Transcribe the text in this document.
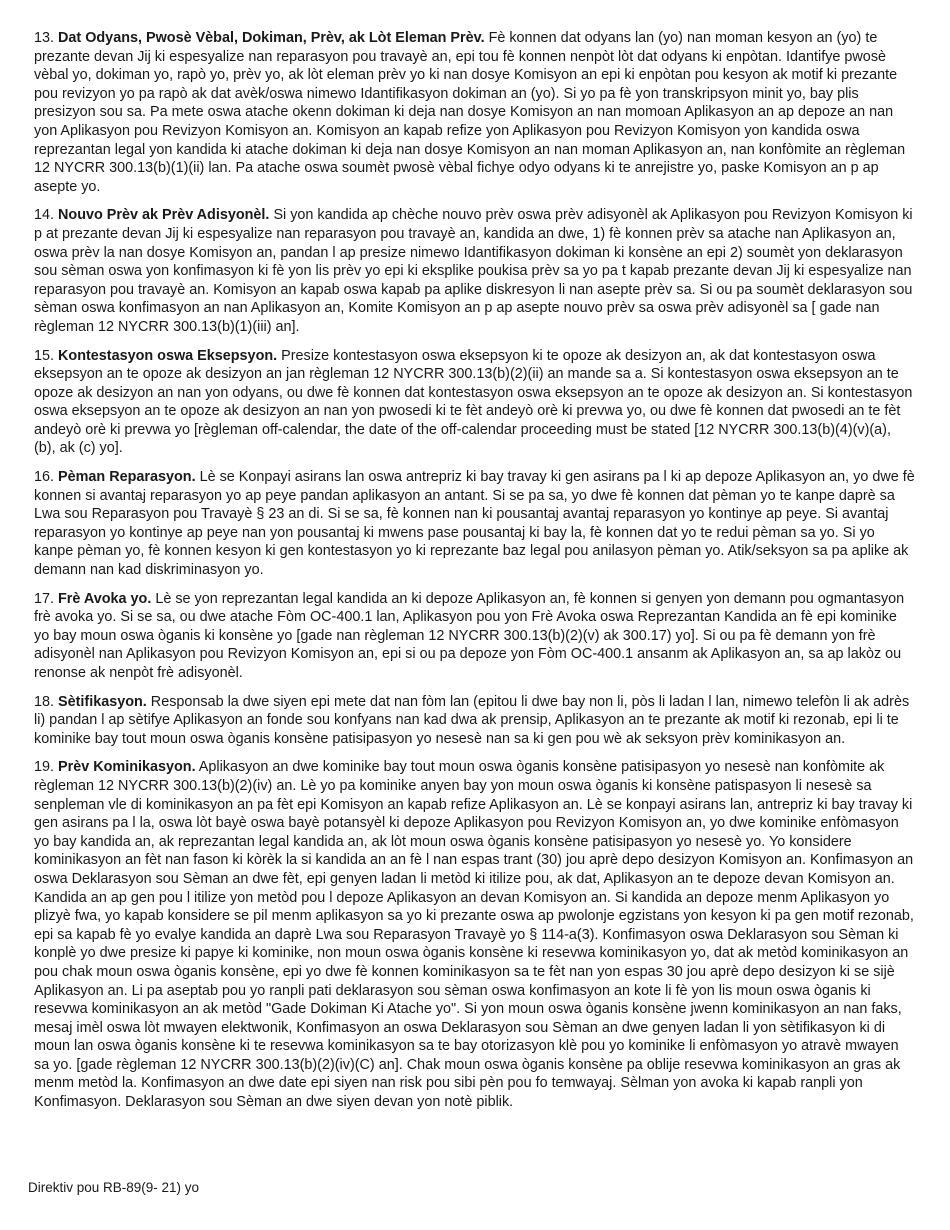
13. Dat Odyans, Pwosè Vèbal, Dokiman, Prèv, ak Lòt Eleman Prèv. Fè konnen dat odyans lan (yo) nan moman kesyon an (yo) te prezante devan Jij ki espesyalize nan reparasyon pou travayè an, epi tou fè konnen nenpòt lòt dat odyans ki enpòtan. Idantifye pwosè vèbal yo, dokiman yo, rapò yo, prèv yo, ak lòt eleman prèv yo ki nan dosye Komisyon an epi ki enpòtan pou kesyon ak motif ki prezante pou revizyon yo pa rapò ak dat avèk/oswa nimewo Idantifikasyon dokiman an (yo). Si yo pa fè yon transkripsyon minit yo, bay plis presizyon sou sa. Pa mete oswa atache okenn dokiman ki deja nan dosye Komisyon an nan momoan Aplikasyon an ap depoze an nan yon Aplikasyon pou Revizyon Komisyon an. Komisyon an kapab refize yon Aplikasyon pou Revizyon Komisyon yon kandida oswa reprezantan legal yon kandida ki atache dokiman ki deja nan dosye Komisyon an nan moman Aplikasyon an, nan konfòmite an règleman 12 NYCRR 300.13(b)(1)(ii) lan. Pa atache oswa soumèt pwosè vèbal fichye odyo odyans ki te anrejistre yo, paske Komisyon an p ap asepte yo.

14. Nouvo Prèv ak Prèv Adisyonèl. Si yon kandida ap chèche nouvo prèv oswa prèv adisyonèl ak Aplikasyon pou Revizyon Komisyon ki p at prezante devan Jij ki espesyalize nan reparasyon pou travayè an, kandida an dwe, 1) fè konnen prèv sa atache nan Aplikasyon an, oswa prèv la nan dosye Komisyon an, pandan l ap presize nimewo Idantifikasyon dokiman ki konsène an epi 2) soumèt yon deklarasyon sou sèman oswa yon konfimasyon ki fè yon lis prèv yo epi ki eksplike poukisa prèv sa yo pa t kapab prezante devan Jij ki espesyalize nan reparasyon pou travayè an. Komisyon an kapab oswa kapab pa aplike diskresyon li nan asepte prèv sa. Si ou pa soumèt deklarasyon sou sèman oswa konfimasyon an nan Aplikasyon an, Komite Komisyon an p ap asepte nouvo prèv sa oswa prèv adisyonèl sa [ gade nan règleman 12 NYCRR 300.13(b)(1)(iii) an].

15. Kontestasyon oswa Eksepsyon. Presize kontestasyon oswa eksepsyon ki te opoze ak desizyon an, ak dat kontestasyon oswa eksepsyon an te opoze ak desizyon an jan règleman 12 NYCRR 300.13(b)(2)(ii) an mande sa a. Si kontestasyon oswa eksepsyon an te opoze ak desizyon an nan yon odyans, ou dwe fè konnen dat kontestasyon oswa eksepsyon an te opoze ak desizyon an. Si kontestasyon oswa eksepsyon an te opoze ak desizyon an nan yon pwosedi ki te fèt andeyò orè ki prevwa yo, ou dwe fè konnen dat pwosedi an te fèt andeyò orè ki prevwa yo [règleman off-calendar, the date of the off-calendar proceeding must be stated [12 NYCRR 300.13(b)(4)(v)(a), (b), ak (c) yo].

16. Pèman Reparasyon. Lè se Konpayi asirans lan oswa antrepriz ki bay travay ki gen asirans pa l ki ap depoze Aplikasyon an, yo dwe fè konnen si avantaj reparasyon yo ap peye pandan aplikasyon an antant. Si se pa sa, yo dwe fè konnen dat pèman yo te kanpe daprè sa Lwa sou Reparasyon pou Travayè § 23 an di. Si se sa, fè konnen nan ki pousantaj avantaj reparasyon yo kontinye ap peye. Si avantaj reparasyon yo kontinye ap peye nan yon pousantaj ki mwens pase pousantaj ki bay la, fè konnen dat yo te redui pèman sa yo. Si yo kanpe pèman yo, fè konnen kesyon ki gen kontestasyon yo ki reprezante baz legal pou anilasyon pèman yo. Atik/seksyon sa pa aplike ak demann nan kad diskriminasyon yo.

17. Frè Avoka yo. Lè se yon reprezantan legal kandida an ki depoze Aplikasyon an, fè konnen si genyen yon demann pou ogmantasyon frè avoka yo. Si se sa, ou dwe atache Fòm OC-400.1 lan, Aplikasyon pou yon Frè Avoka oswa Reprezantan Kandida an fè epi kominike yo bay moun oswa òganis ki konsène yo [gade nan règleman 12 NYCRR 300.13(b)(2)(v) ak 300.17) yo]. Si ou pa fè demann yon frè adisyonèl nan Aplikasyon pou Revizyon Komisyon an, epi si ou pa depoze yon Fòm OC-400.1 ansanm ak Aplikasyon an, sa ap lakòz ou renonse ak nenpòt frè adisyonèl.

18. Sètifikasyon. Responsab la dwe siyen epi mete dat nan fòm lan (epitou li dwe bay non li, pòs li ladan l lan, nimewo telefòn li ak adrès li) pandan l ap sètifye Aplikasyon an fonde sou konfyans nan kad dwa ak prensip, Aplikasyon an te prezante ak motif ki rezonab, epi li te kominike bay tout moun oswa òganis konsène patisipasyon yo nesesè nan sa ki gen pou wè ak seksyon prèv kominikasyon an.

19. Prèv Kominikasyon. Aplikasyon an dwe kominike bay tout moun oswa òganis konsène patisipasyon yo nesesè nan konfòmite ak règleman 12 NYCRR 300.13(b)(2)(iv) an. Lè yo pa kominike anyen bay yon moun oswa òganis ki konsène patispasyon li nesesè sa senpleman vle di kominikasyon an pa fèt epi Komisyon an kapab refize Aplikasyon an. Lè se konpayi asirans lan, antrepriz ki bay travay ki gen asirans pa l la, oswa lòt bayè oswa bayè potansyèl ki depoze Aplikasyon pou Revizyon Komisyon an, yo dwe kominike enfòmasyon yo bay kandida an, ak reprezantan legal kandida an, ak lòt moun oswa òganis konsène patisipasyon yo nesesè yo. Yo konsidere kominikasyon an fèt nan fason ki kòrèk la si kandida an an fè l nan espas trant (30) jou aprè depo desizyon Komisyon an. Konfimasyon an oswa Deklarasyon sou Sèman an dwe fèt, epi genyen ladan li metòd ki itilize pou, ak dat, Aplikasyon an te depoze devan Komisyon an. Kandida an ap gen pou l itilize yon metòd pou l depoze Aplikasyon an devan Komisyon an. Si kandida an depoze menm Aplikasyon yo plizyè fwa, yo kapab konsidere se pil menm aplikasyon sa yo ki prezante oswa ap pwolonje egzistans yon kesyon ki pa gen motif rezonab, epi sa kapab fè yo evalye kandida an daprè Lwa sou Reparasyon Travayè yo § 114-a(3). Konfimasyon oswa Deklarasyon sou Sèman ki konplè yo dwe presize ki papye ki kominike, non moun oswa òganis konsène ki resevwa kominikasyon yo, dat ak metòd kominikasyon an pou chak moun oswa òganis konsène, epi yo dwe fè konnen kominikasyon sa te fèt nan yon espas 30 jou aprè depo desizyon ki se sijè Aplikasyon an. Li pa aseptab pou yo ranpli pati deklarasyon sou sèman oswa konfimasyon an kote li fè yon lis moun oswa òganis ki resevwa kominikasyon an ak metòd "Gade Dokiman Ki Atache yo". Si yon moun oswa òganis konsène jwenn kominikasyon an nan faks, mesaj imèl oswa lòt mwayen elektwonik, Konfimasyon an oswa Deklarasyon sou Sèman an dwe genyen ladan li yon sètifikasyon ki di moun lan oswa òganis konsène ki te resevwa kominikasyon sa te bay otorizasyon klè pou yo kominike li enfòmasyon yo atravè mwayen sa yo. [gade règleman 12 NYCRR 300.13(b)(2)(iv)(C) an]. Chak moun oswa òganis konsène pa oblije resevwa kominikasyon an gras ak menm metòd la. Konfimasyon an dwe date epi siyen nan risk pou sibi pèn pou fo temwayaj. Sèlman yon avoka ki kapab ranpli yon Konfimasyon. Deklarasyon sou Sèman an dwe siyen devan yon notè piblik.

Direktiv pou RB-89(9- 21) yo
